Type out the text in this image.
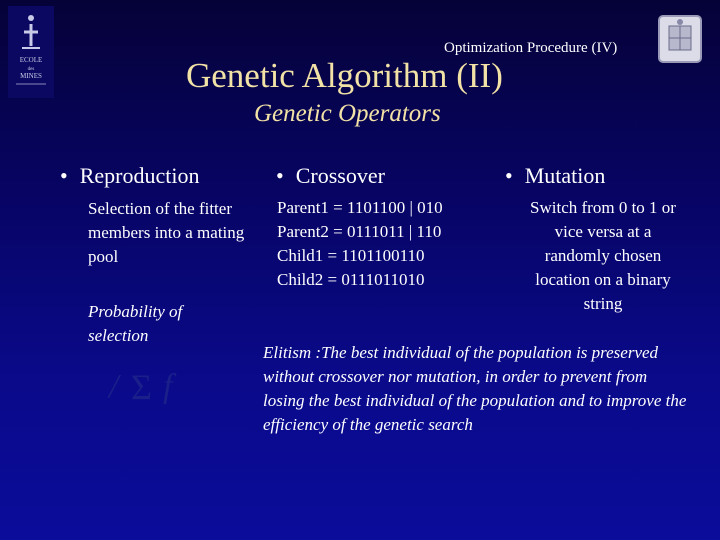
ECOLE
des
MINES
Optimization Procedure (IV)
Genetic Algorithm (II)
Genetic Operators
• Reproduction
Selection of the fitter members into a mating pool
Probability of selection
/ Σ f
• Crossover
Parent1 = 1101100 | 010
Parent2 = 0111011 | 110
Child1 = 1101100110
Child2 = 0111011010
• Mutation
Switch from 0 to 1 or vice versa at a randomly chosen location on a binary string
Elitism :The best individual of the population is preserved without crossover nor mutation, in order to prevent from losing the best individual of the population and to improve the efficiency of the genetic search
